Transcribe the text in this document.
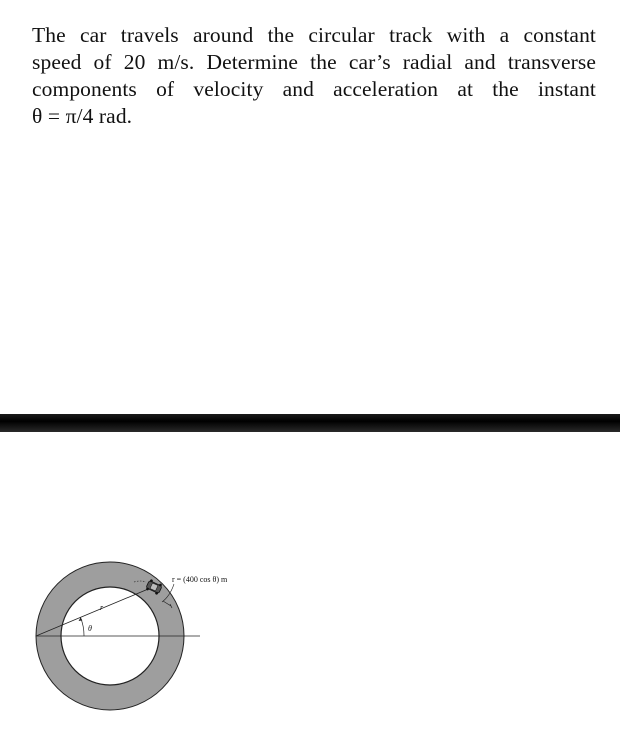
The car travels around the circular track with a constant
speed of 20 m/s. Determine the car’s radial and transverse
components of velocity and acceleration at the instant
θ = π/4 rad.
r = (400 cos θ) m
r
θ
